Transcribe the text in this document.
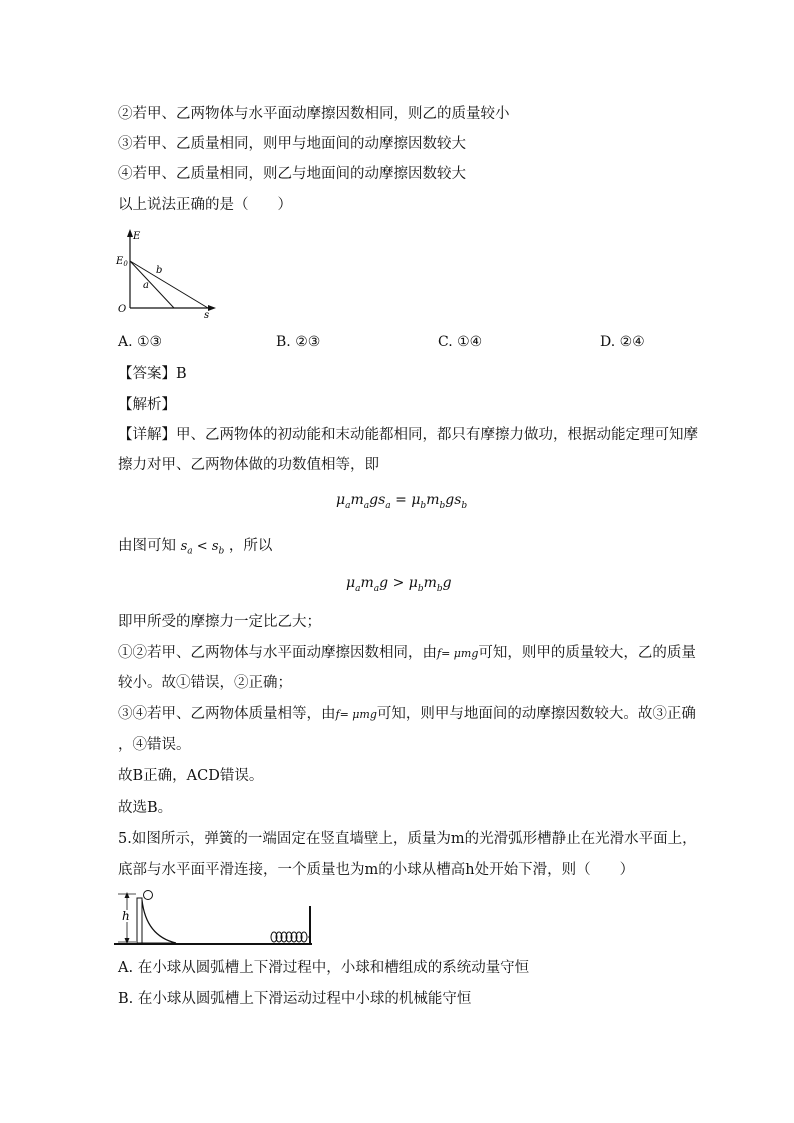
②若甲、乙两物体与水平面动摩擦因数相同，则乙的质量较小
③若甲、乙质量相同，则甲与地面间的动摩擦因数较大
④若甲、乙质量相同，则乙与地面间的动摩擦因数较大
以上说法正确的是（　　）
E
$E_0$
b
a
O
s
A. ①③	B. ②③	C. ①④	D. ②④
【答案】B
【解析】
【详解】甲、乙两物体的初动能和末动能都相同，都只有摩擦力做功，根据动能定理可知摩
擦力对甲、乙两物体做的功数值相等，即
$\mu_am_ags_a = \mu_bm_bgs_b$
由图可知 $s_a < s_b$ ，所以
$\mu_am_ag > \mu_bm_bg$
即甲所受的摩擦力一定比乙大；
①②若甲、乙两物体与水平面动摩擦因数相同，由f= μmg可知，则甲的质量较大，乙的质量
较小。故①错误，②正确；
③④若甲、乙两物体质量相等，由f= μmg可知，则甲与地面间的动摩擦因数较大。故③正确
，④错误。
故B正确，ACD错误。
故选B。
5.如图所示，弹簧的一端固定在竖直墙壁上，质量为m的光滑弧形槽静止在光滑水平面上，
底部与水平面平滑连接，一个质量也为m的小球从槽高h处开始下滑，则（　　）
h
A. 在小球从圆弧槽上下滑过程中，小球和槽组成的系统动量守恒
B. 在小球从圆弧槽上下滑运动过程中小球的机械能守恒
